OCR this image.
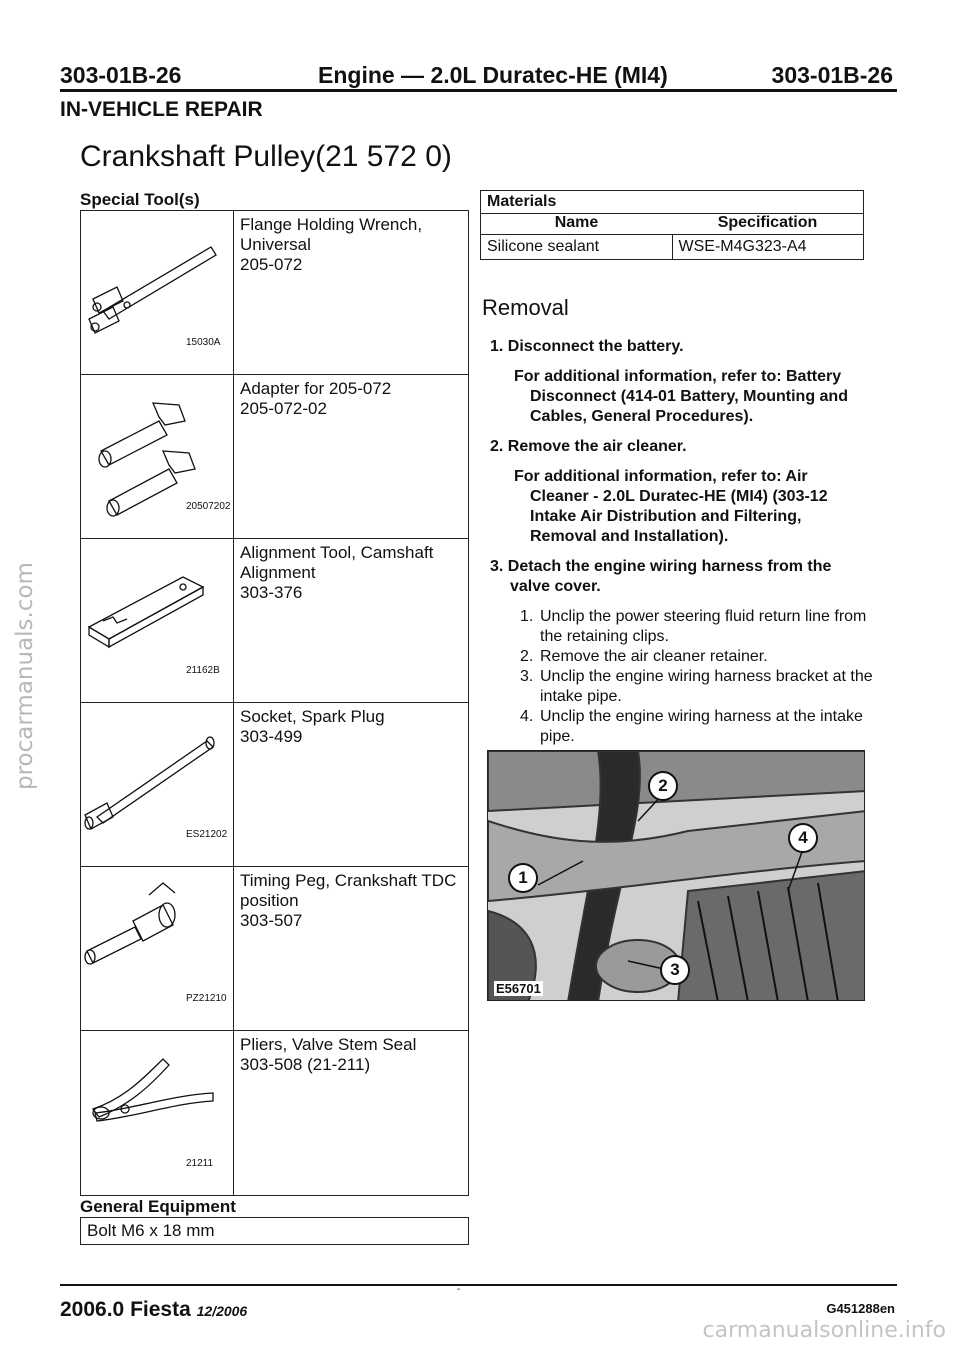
procarmanuals.com
carmanualsonline.info
303-01B-26	Engine — 2.0L Duratec-HE (MI4)	303-01B-26
IN-VEHICLE REPAIR
Crankshaft Pulley(21 572 0)
Special Tool(s)
15030A
Flange Holding Wrench,
Universal
205-072
20507202
Adapter for 205-072
205-072-02
21162B
Alignment Tool, Camshaft
Alignment
303-376
ES21202
Socket, Spark Plug
303-499
PZ21210
Timing Peg, Crankshaft TDC
position
303-507
21211
Pliers, Valve Stem Seal
303-508 (21-211)
General Equipment
Bolt M6 x 18 mm
Materials
Name	Specification
Silicone sealant	WSE-M4G323-A4
Removal
1. Disconnect the battery.
For additional information, refer to: Battery
Disconnect (414-01 Battery, Mounting and
Cables, General Procedures).
2. Remove the air cleaner.
For additional information, refer to: Air
Cleaner - 2.0L Duratec-HE (MI4) (303-12
Intake Air Distribution and Filtering,
Removal and Installation).
3. Detach the engine wiring harness from the
valve cover.
1. Unclip the power steering fluid return line from the retaining clips.
2. Remove the air cleaner retainer.
3. Unclip the engine wiring harness bracket at the intake pipe.
4. Unclip the engine wiring harness at the intake pipe.
1
2
3
4
E56701
2006.0 Fiesta 12/2006
-
G451288en
